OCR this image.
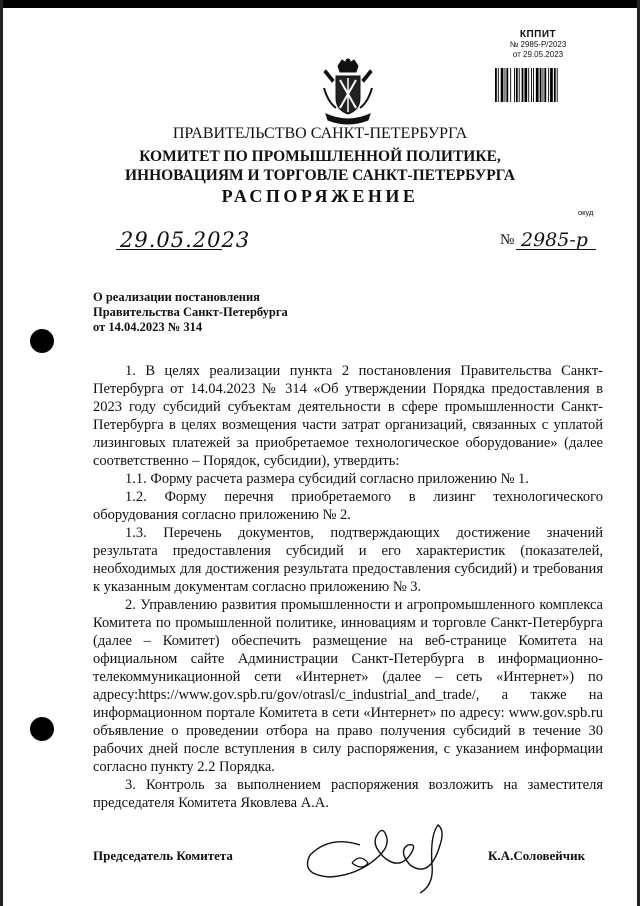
КППИТ
№ 2985-Р/2023
от 29.05.2023
ПРАВИТЕЛЬСТВО САНКТ-ПЕТЕРБУРГА
КОМИТЕТ ПО ПРОМЫШЛЕННОЙ ПОЛИТИКЕ,
ИННОВАЦИЯМ И ТОРГОВЛЕ САНКТ-ПЕТЕРБУРГА
РАСПОРЯЖЕНИЕ
окуд
29.05.2023	№ 2985-р
О реализации постановления
Правительства Санкт-Петербурга
от 14.04.2023 № 314

1. В целях реализации пункта 2 постановления Правительства Санкт-Петербурга от 14.04.2023 № 314 «Об утверждении Порядка предоставления в 2023 году субсидий субъектам деятельности в сфере промышленности Санкт-Петербурга в целях возмещения части затрат организаций, связанных с уплатой лизинговых платежей за приобретаемое технологическое оборудование» (далее соответственно – Порядок, субсидии), утвердить:

1.1. Форму расчета размера субсидий согласно приложению № 1.

1.2. Форму перечня приобретаемого в лизинг технологического оборудования согласно приложению № 2.

1.3. Перечень документов, подтверждающих достижение значений результата предоставления субсидий и его характеристик (показателей, необходимых для достижения результата предоставления субсидий) и требования к указанным документам согласно приложению № 3.

2. Управлению развития промышленности и агропромышленного комплекса Комитета по промышленной политике, инновациям и торговле Санкт-Петербурга (далее – Комитет) обеспечить размещение на веб-странице Комитета на официальном сайте Администрации Санкт-Петербурга в информационно-телекоммуникационной сети «Интернет» (далее – сеть «Интернет») по адресу:https://www.gov.spb.ru/gov/otrasl/c_industrial_and_trade/, а также на информационном портале Комитета в сети «Интернет» по адресу: www.gov.spb.ru объявление о проведении отбора на право получения субсидий в течение 30 рабочих дней после вступления в силу распоряжения, с указанием информации согласно пункту 2.2 Порядка.

3. Контроль за выполнением распоряжения возложить на заместителя председателя Комитета Яковлева А.А.

Председатель Комитета	К.А.Соловейчик
